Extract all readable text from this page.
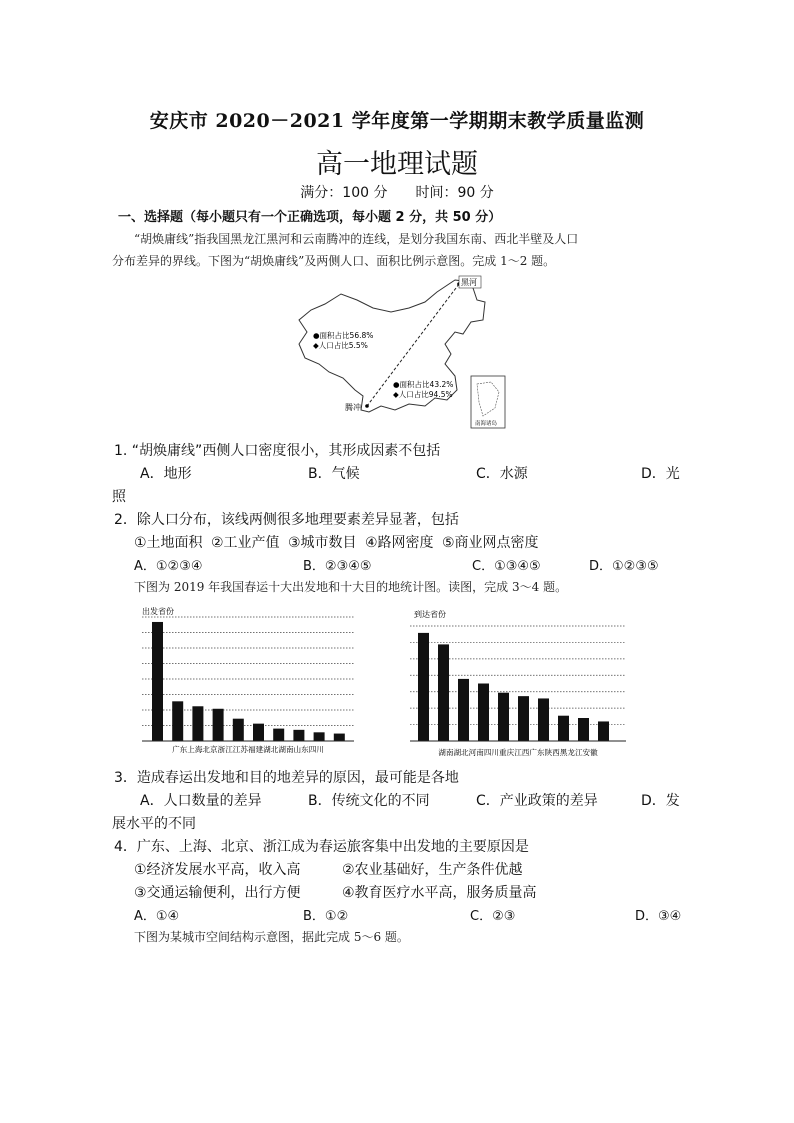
安庆市 2020－2021 学年度第一学期期末教学质量监测
高一地理试题
满分：100 分 时间：90 分
一、选择题（每小题只有一个正确选项，每小题 2 分，共 50 分）
“胡焕庸线”指我国黑龙江黑河和云南腾冲的连线，是划分我国东南、西北半壁及人口
分布差异的界线。下图为“胡焕庸线”及两侧人口、面积比例示意图。完成 1～2 题。
黑河
腾冲
●面积占比56.8%
◆人口占比5.5%
●面积占比43.2%
◆人口占比94.5%
南海诸岛
1. “胡焕庸线”西侧人口密度很小，其形成因素不包括
A．地形	B．气候	C．水源	D．光
照
2．除人口分布，该线两侧很多地理要素差异显著，包括
①土地面积 ②工业产值 ③城市数目 ④路网密度 ⑤商业网点密度
A．①②③④	B．②③④⑤	C．①③④⑤	D．①②③⑤
下图为 2019 年我国春运十大出发地和十大目的地统计图。读图，完成 3～4 题。
出发省份
广东上海北京浙江江苏福建湖北湖南山东四川
到达省份
湖南湖北河南四川重庆江西广东陕西黑龙江安徽
3．造成春运出发地和目的地差异的原因，最可能是各地
A．人口数量的差异	B．传统文化的不同	C．产业政策的差异	D．发
展水平的不同
4．广东、上海、北京、浙江成为春运旅客集中出发地的主要原因是
①经济发展水平高，收入高	②农业基础好，生产条件优越
③交通运输便利，出行方便	④教育医疗水平高，服务质量高
A．①④	B．①②	C．②③	D．③④
下图为某城市空间结构示意图，据此完成 5～6 题。
